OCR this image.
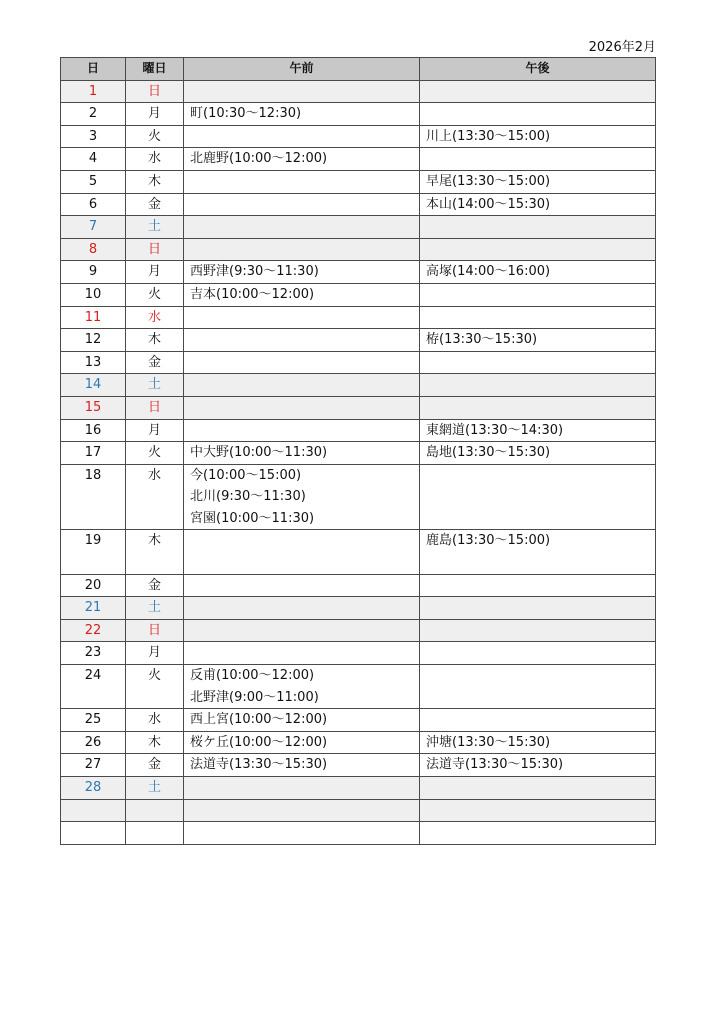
2026年2月
日	曜日	午前	午後
1	日		
2	月	町(10:30～12:30)	

3	火		川上(13:30～15:00)

4	水	北鹿野(10:00～12:00)	

5	木		早尾(13:30～15:00)

6	金		本山(14:00～15:30)

7	土		
8	日		
9	月	西野津(9:30～11:30)	高塚(14:00～16:00)

10	火	吉本(10:00～12:00)	

11	水		
12	木		栫(13:30～15:30)

13	金		
14	土		
15	日		
16	月		東網道(13:30～14:30)

17	火	中大野(10:00～11:30)	島地(13:30～15:30)

18	水	今(10:00～15:00)
北川(9:30～11:30)
宮園(10:00～11:30)	

19	木		鹿島(13:30～15:00)

20	金		
21	土		
22	日		
23	月		
24	火	反甫(10:00～12:00)
北野津(9:00～11:00)	

25	水	西上宮(10:00～12:00)	

26	木	桜ケ丘(10:00～12:00)	沖塘(13:30～15:30)

27	金	法道寺(13:30～15:30)	法道寺(13:30～15:30)

28	土		
